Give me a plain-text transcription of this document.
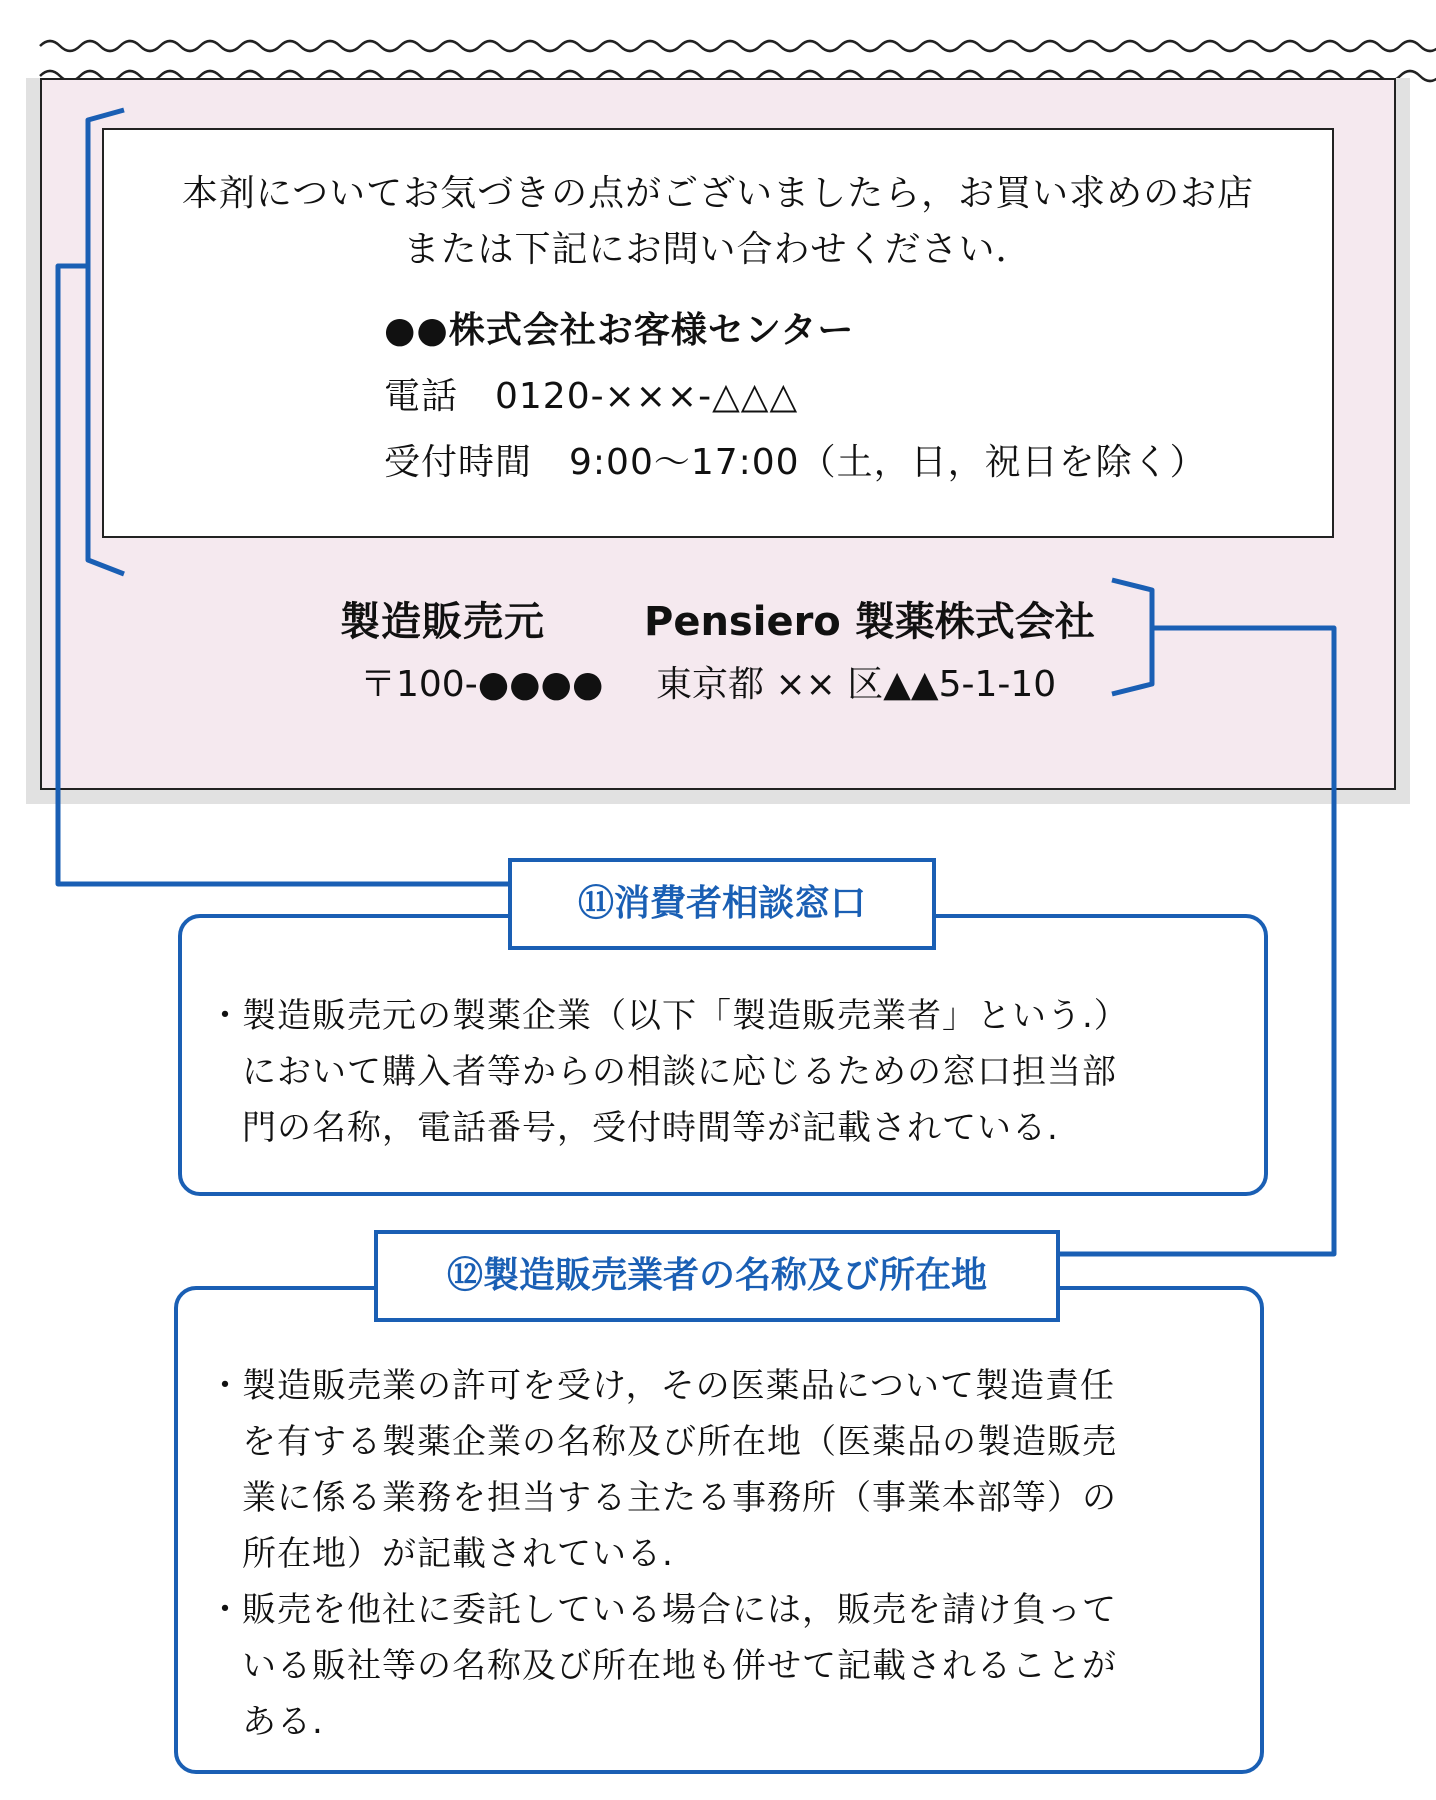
本剤についてお気づきの点がございましたら，お買い求めのお店
または下記にお問い合わせください．
●●株式会社お客様センター
電話　0120-×××-△△△
受付時間　9:00～17:00（土，日，祝日を除く）
製造販売元 Pensiero 製薬株式会社
〒100-●●●● 東京都 ×× 区▲▲5-1-10
・ 製造販売元の製薬企業（以下「製造販売業者」という.）
において購入者等からの相談に応じるための窓口担当部
門の名称，電話番号，受付時間等が記載されている.
⑪消費者相談窓口
・ 製造販売業の許可を受け，その医薬品について製造責任
を有する製薬企業の名称及び所在地（医薬品の製造販売
業に係る業務を担当する主たる事務所（事業本部等）の
所在地）が記載されている.
・ 販売を他社に委託している場合には，販売を請け負って
いる販社等の名称及び所在地も併せて記載されることが
ある.
⑫製造販売業者の名称及び所在地
